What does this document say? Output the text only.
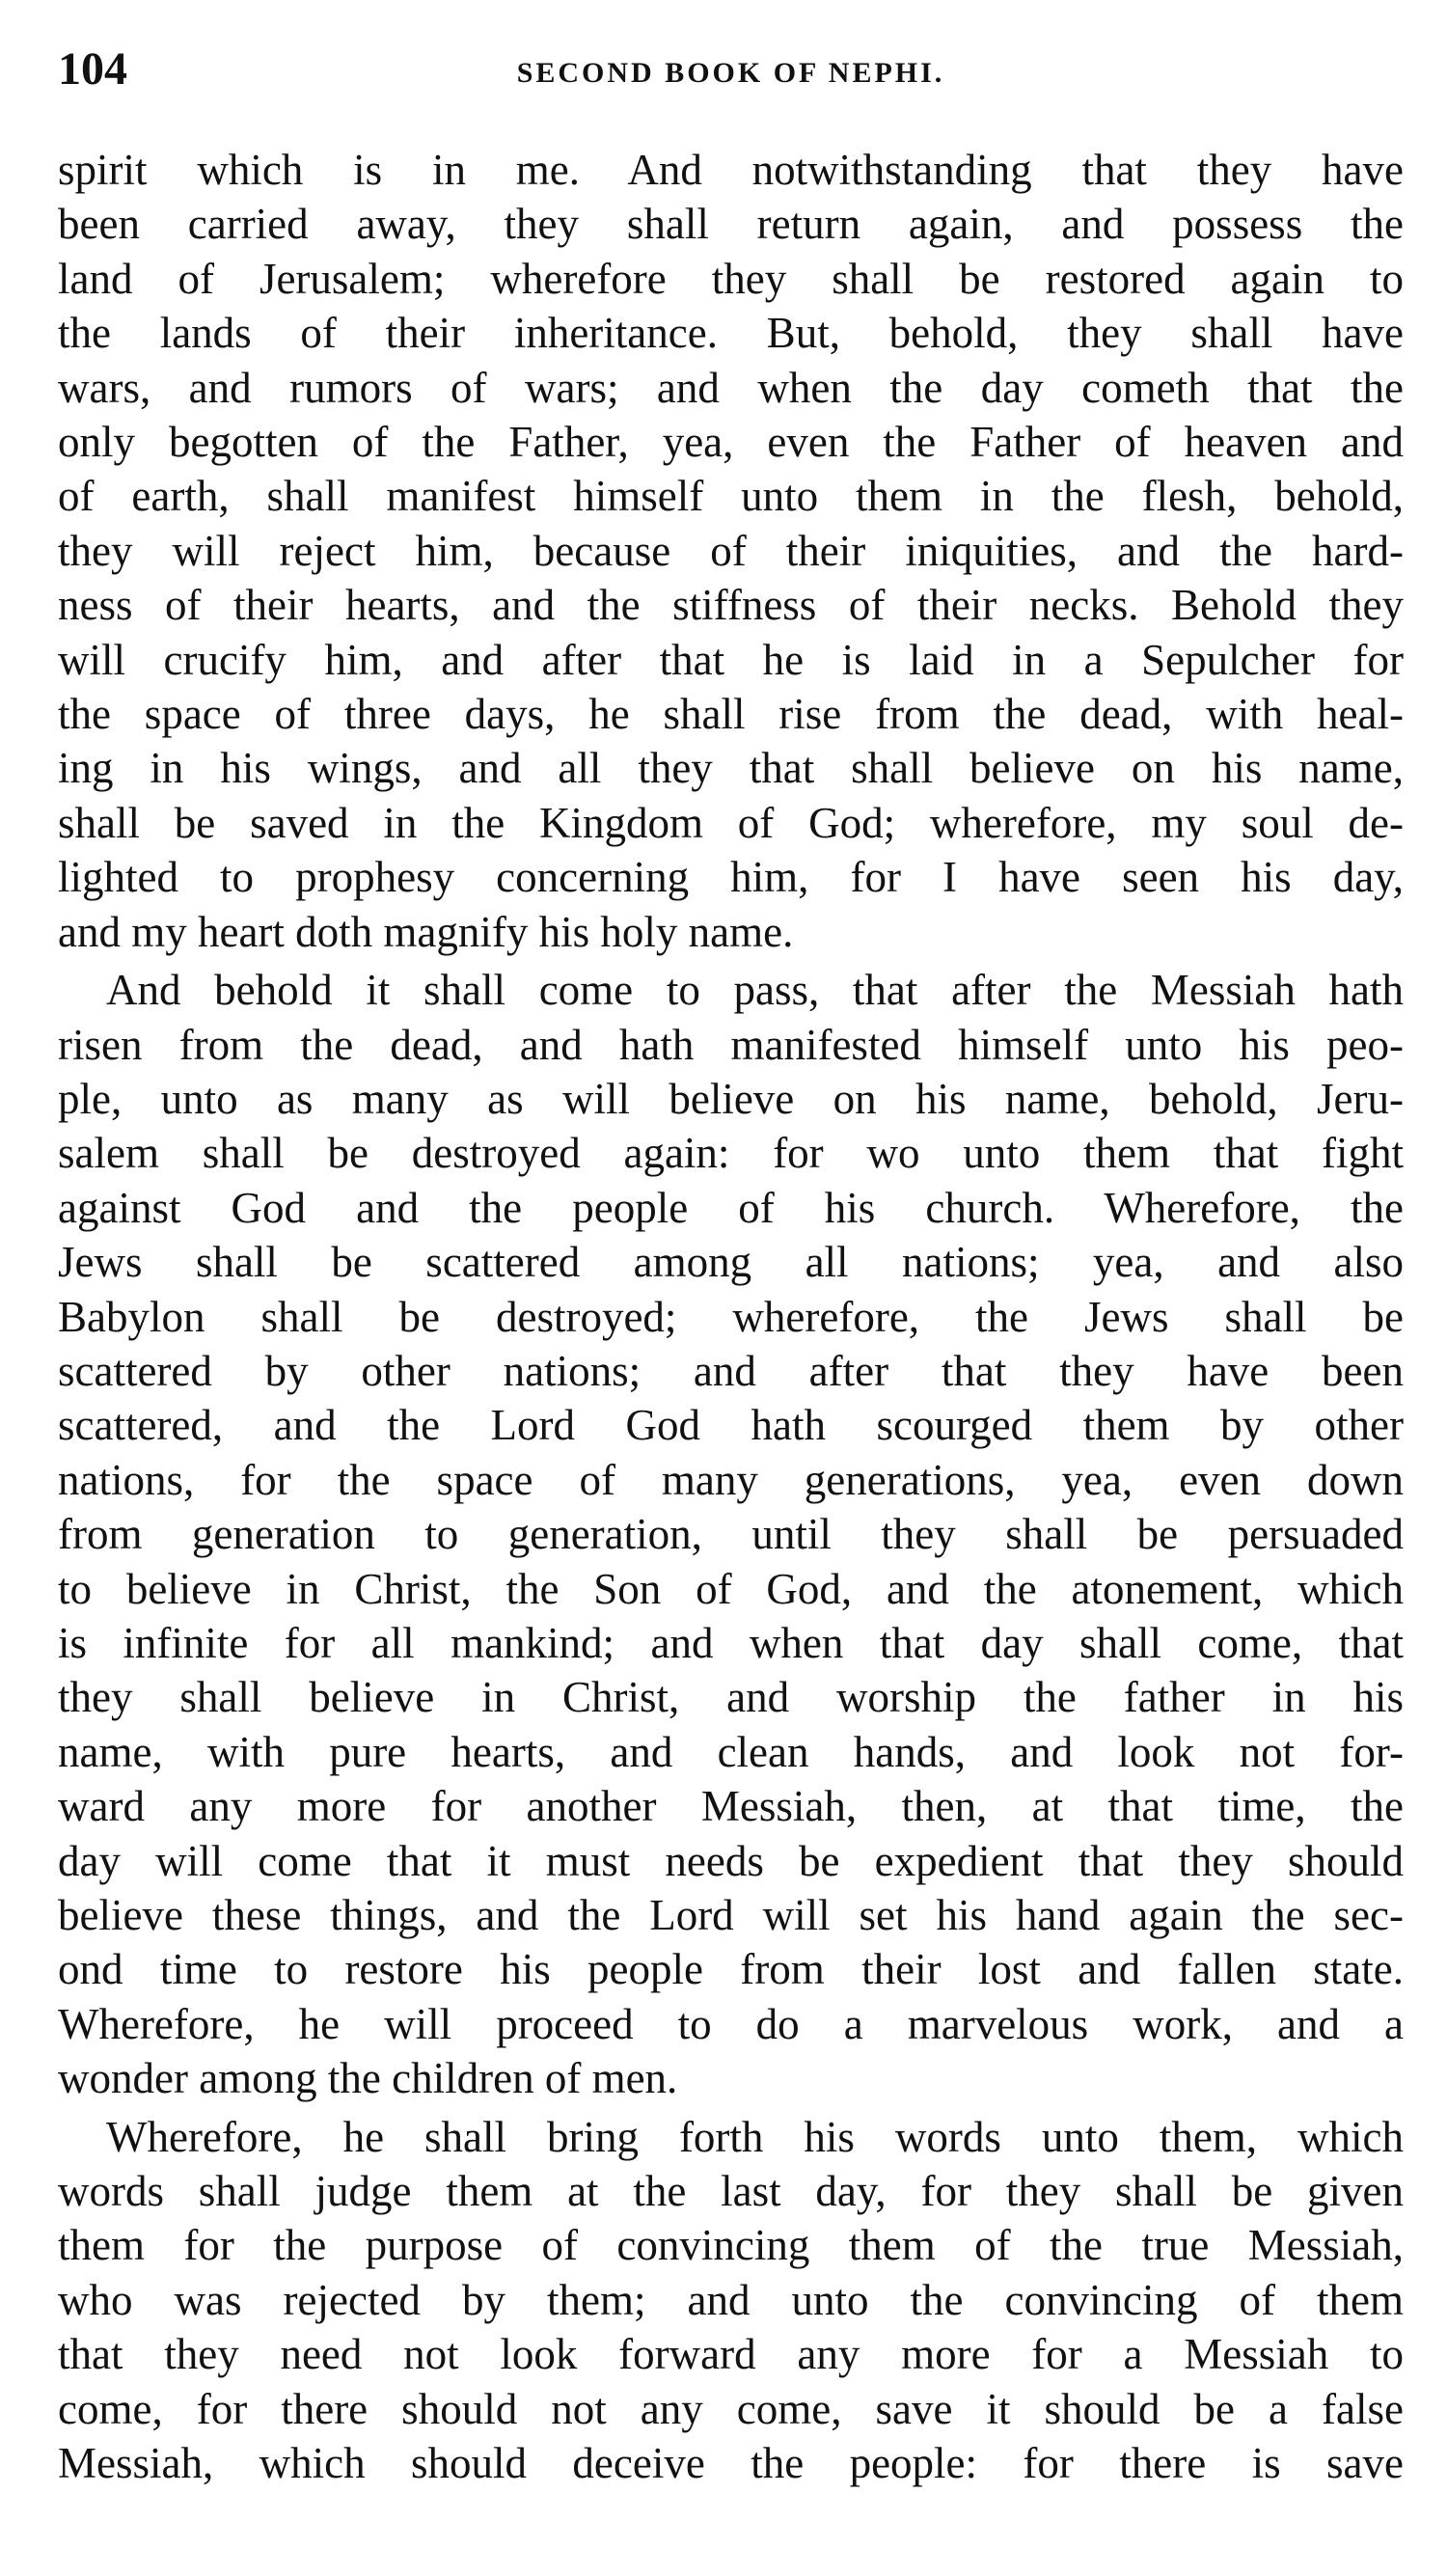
104	SECOND BOOK OF NEPHI.
spirit which is in me. And notwithstanding that they have
been carried away, they shall return again, and possess the
land of Jerusalem; wherefore they shall be restored again to
the lands of their inheritance. But, behold, they shall have
wars, and rumors of wars; and when the day cometh that the
only begotten of the Father, yea, even the Father of heaven and
of earth, shall manifest himself unto them in the flesh, behold,
they will reject him, because of their iniquities, and the hard-
ness of their hearts, and the stiffness of their necks. Behold they
will crucify him, and after that he is laid in a Sepulcher for
the space of three days, he shall rise from the dead, with heal-
ing in his wings, and all they that shall believe on his name,
shall be saved in the Kingdom of God; wherefore, my soul de-
lighted to prophesy concerning him, for I have seen his day,
and my heart doth magnify his holy name.
And behold it shall come to pass, that after the Messiah hath
risen from the dead, and hath manifested himself unto his peo-
ple, unto as many as will believe on his name, behold, Jeru-
salem shall be destroyed again: for wo unto them that fight
against God and the people of his church. Wherefore, the
Jews shall be scattered among all nations; yea, and also
Babylon shall be destroyed; wherefore, the Jews shall be
scattered by other nations; and after that they have been
scattered, and the Lord God hath scourged them by other
nations, for the space of many generations, yea, even down
from generation to generation, until they shall be persuaded
to believe in Christ, the Son of God, and the atonement, which
is infinite for all mankind; and when that day shall come, that
they shall believe in Christ, and worship the father in his
name, with pure hearts, and clean hands, and look not for-
ward any more for another Messiah, then, at that time, the
day will come that it must needs be expedient that they should
believe these things, and the Lord will set his hand again the sec-
ond time to restore his people from their lost and fallen state.
Wherefore, he will proceed to do a marvelous work, and a
wonder among the children of men.
Wherefore, he shall bring forth his words unto them, which
words shall judge them at the last day, for they shall be given
them for the purpose of convincing them of the true Messiah,
who was rejected by them; and unto the convincing of them
that they need not look forward any more for a Messiah to
come, for there should not any come, save it should be a false
Messiah, which should deceive the people: for there is save
